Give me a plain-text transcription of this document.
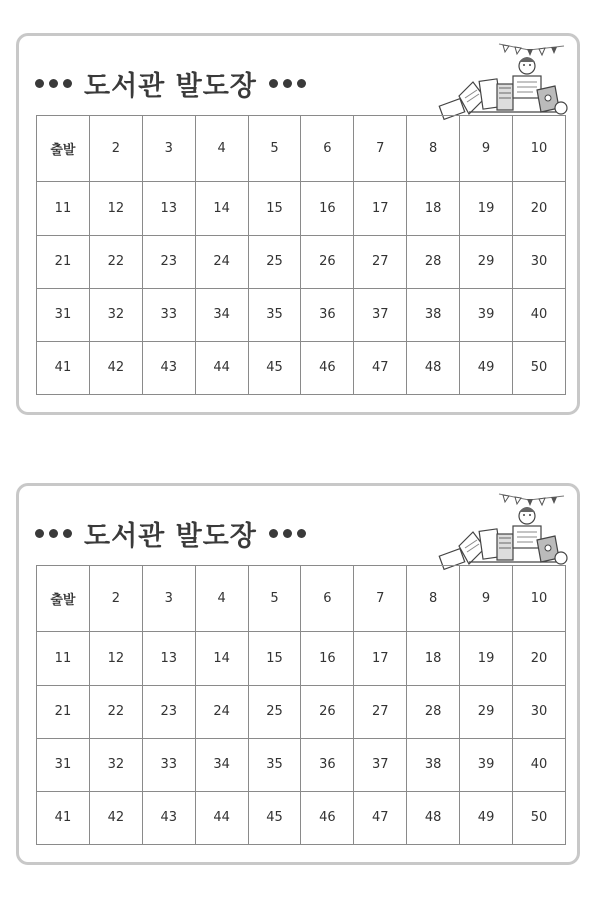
도서관 발도장
출발	2	3	4	5	6	7	8	9	10
11	12	13	14	15	16	17	18	19	20
21	22	23	24	25	26	27	28	29	30
31	32	33	34	35	36	37	38	39	40
41	42	43	44	45	46	47	48	49	50
도서관 발도장
출발	2	3	4	5	6	7	8	9	10
11	12	13	14	15	16	17	18	19	20
21	22	23	24	25	26	27	28	29	30
31	32	33	34	35	36	37	38	39	40
41	42	43	44	45	46	47	48	49	50
